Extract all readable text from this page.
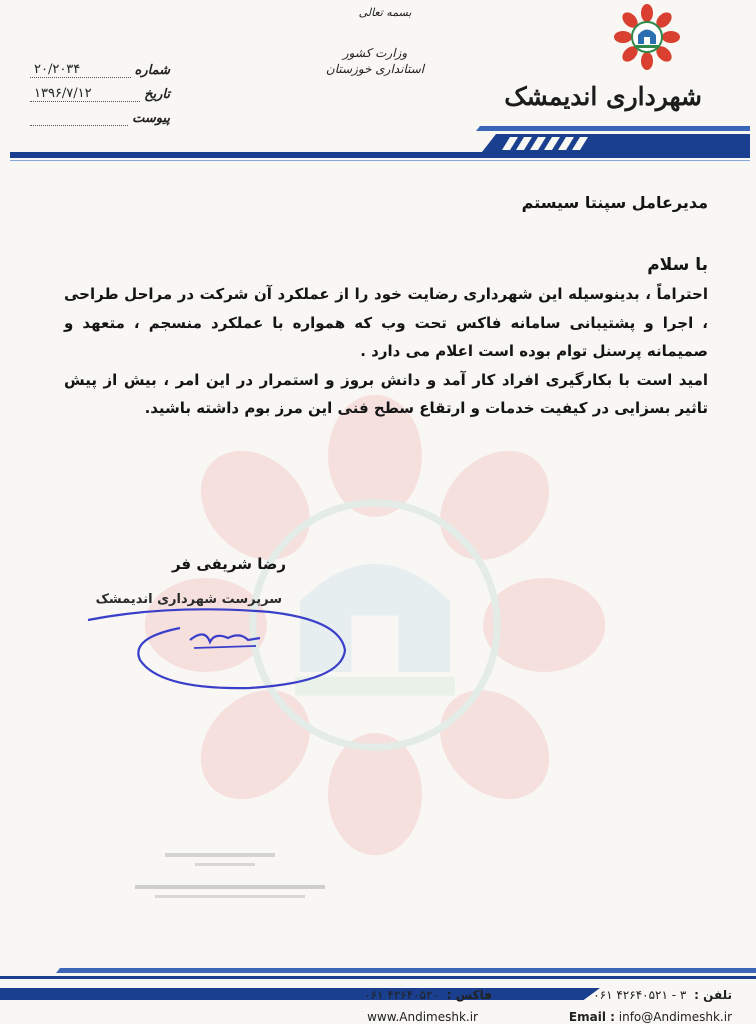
شهرداری اندیمشک
بسمه تعالی
وزارت کشور
استانداری خوزستان
شماره
۲۰/۲۰۳۴
تاریخ
۱۳۹۶/۷/۱۲
پیوست

مدیرعامل سپنتا سیستم

با سلام

احتراماً ، بدینوسیله این شهرداری رضایت خود را از عملکرد آن شرکت در مراحل طراحی ، اجرا و پشتیبانی سامانه فاکس تحت وب که همواره با عملکرد منسجم ، متعهد و صمیمانه پرسنل توام بوده است اعلام می دارد .

امید است با بکارگیری افراد کار آمد و دانش بروز و استمرار در این امر ، بیش از پیش تاثیر بسزایی در کیفیت خدمات و ارتقاع سطح فنی این مرز بوم داشته باشید.

رضا شریفی فر
سرپرست شهرداری اندیمشک
تلفن : ۳ - ۴۲۶۴۰۵۲۱ ۰۶۱
فاکس : ۴۲۶۴۰۵۲۰ ۰۶۱
Email : info@Andimeshk.ir
www.Andimeshk.ir
